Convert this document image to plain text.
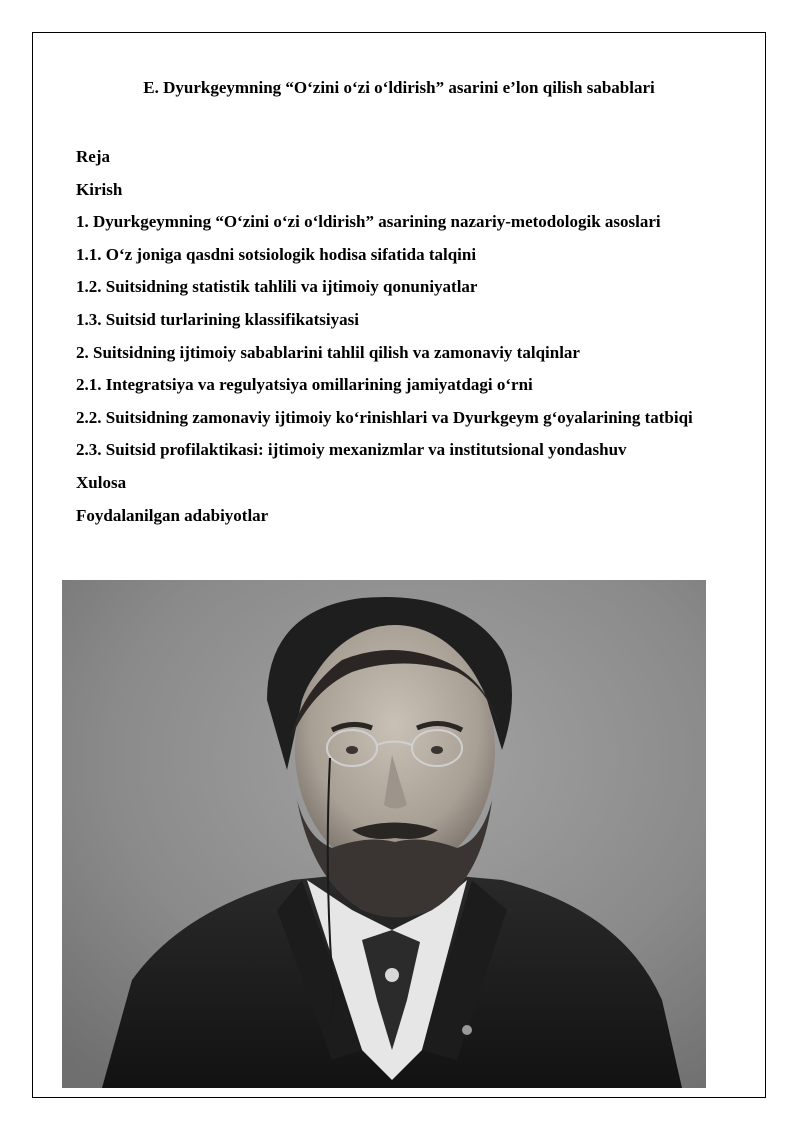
E. Dyurkgeymning “O‘zini o‘zi o‘ldirish” asarini e’lon qilish sabablari
Reja
Kirish
1. Dyurkgeymning “O‘zini o‘zi o‘ldirish” asarining nazariy-metodologik asoslari
1.1. O‘z joniga qasdni sotsiologik hodisa sifatida talqini
1.2. Suitsidning statistik tahlili va ijtimoiy qonuniyatlar
1.3. Suitsid turlarining klassifikatsiyasi
2. Suitsidning ijtimoiy sabablarini tahlil qilish va zamonaviy talqinlar
2.1. Integratsiya va regulyatsiya omillarining jamiyatdagi o‘rni
2.2. Suitsidning zamonaviy ijtimoiy ko‘rinishlari va Dyurkgeym g‘oyalarining tatbiqi
2.3. Suitsid profilaktikasi: ijtimoiy mexanizmlar va institutsional yondashuv
Xulosa
Foydalanilgan adabiyotlar
